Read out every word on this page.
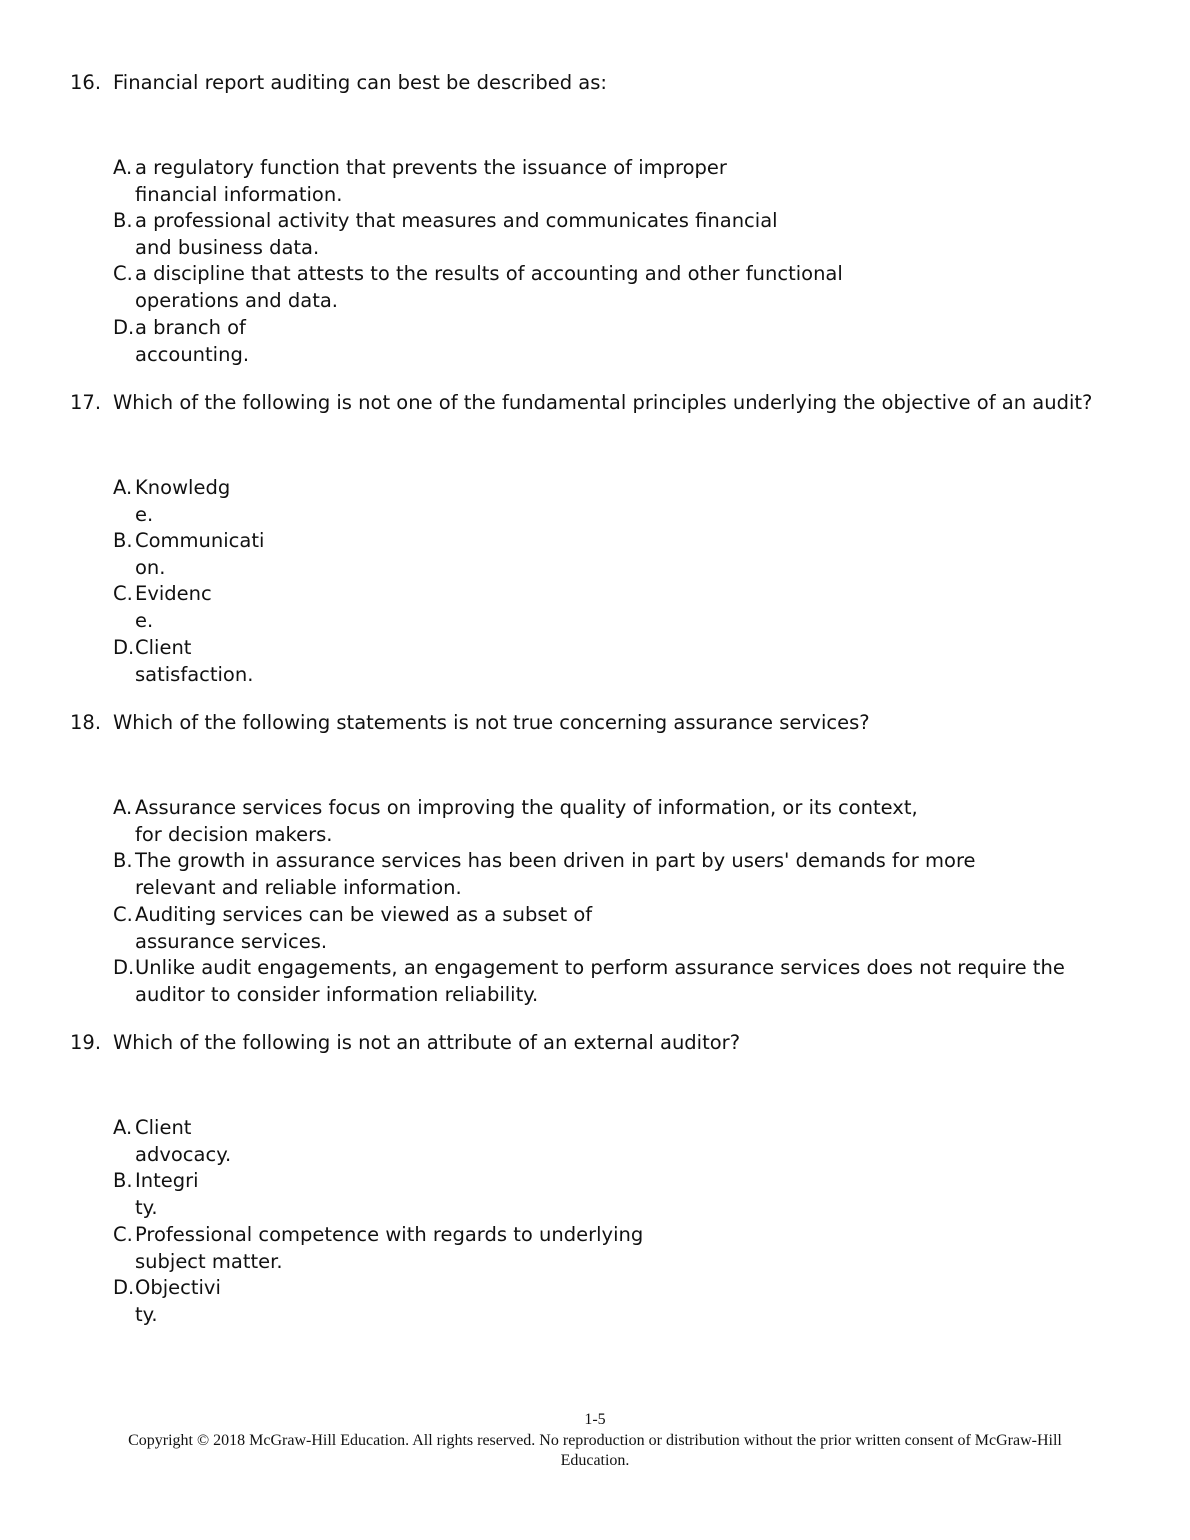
16. Financial report auditing can best be described as:
A. a regulatory function that prevents the issuance of improper
financial information.
B. a professional activity that measures and communicates financial
and business data.
C. a discipline that attests to the results of accounting and other functional
operations and data.
D. a branch of
accounting.
17. Which of the following is not one of the fundamental principles underlying the objective of an audit?
A. Knowledg
e.
B. Communicati
on.
C. Evidenc
e.
D. Client
satisfaction.
18. Which of the following statements is not true concerning assurance services?
A. Assurance services focus on improving the quality of information, or its context,
for decision makers.
B. The growth in assurance services has been driven in part by users' demands for more
relevant and reliable information.
C. Auditing services can be viewed as a subset of
assurance services.
D. Unlike audit engagements, an engagement to perform assurance services does not require the
auditor to consider information reliability.
19. Which of the following is not an attribute of an external auditor?
A. Client
advocacy.
B. Integri
ty.
C. Professional competence with regards to underlying
subject matter.
D. Objectivi
ty.
1-5
Copyright © 2018 McGraw-Hill Education. All rights reserved. No reproduction or distribution without the prior written consent of McGraw-Hill
Education.
